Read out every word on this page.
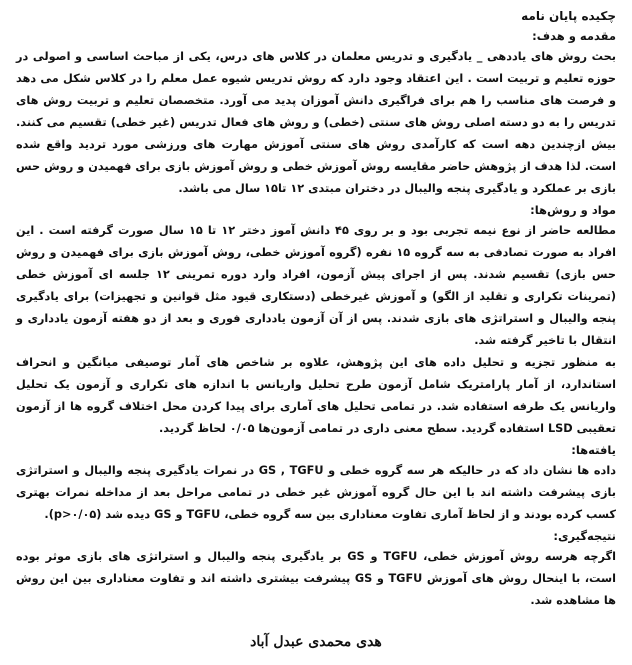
چکیده پایان نامه

مقدمه و هدف:

بحث روش های یاددهی _ یادگیری و تدریس معلمان در کلاس های درس، یکی از مباحث اساسی و اصولی در حوزه تعلیم و تربیت است . این اعتقاد وجود دارد که روش تدریس شیوه عمل معلم را در کلاس شکل می دهد و فرصت های مناسب را هم برای فراگیری دانش آموزان پدید می آورد. متخصصان تعلیم و تربیت روش های تدریس را به دو دسته اصلی روش های سنتی (خطی) و روش های فعال تدریس (غیر خطی) تقسیم می کنند. بیش ازچندین دهه است که کارآمدی روش های سنتی آموزش مهارت های ورزشی مورد تردید واقع شده است. لذا هدف از پژوهش حاضر مقایسه روش آموزش خطی و روش آموزش بازی برای فهمیدن و روش حس بازی بر عملکرد و یادگیری پنجه والیبال در دختران مبتدی ۱۲ تا۱۵ سال می باشد.

مواد و روش‌ها:

مطالعه حاضر از نوع نیمه تجربی بود و بر روی ۴۵ دانش آموز دختر ۱۲ تا ۱۵ سال صورت گرفته است . این افراد به صورت تصادفی به سه گروه ۱۵ نفره (گروه آموزش خطی، روش آموزش بازی برای فهمیدن و روش حس بازی) تقسیم شدند. پس از اجرای پیش آزمون، افراد وارد دوره تمرینی ۱۲ جلسه ای آموزش خطی (تمرینات تکراری و تقلید از الگو) و آموزش غیرخطی (دستکاری قیود مثل قوانین و تجهیزات) برای یادگیری پنجه والیبال و استراتژی های بازی شدند. پس از آن آزمون یادداری فوری و بعد از دو هفته آزمون یادداری و انتقال با تاخیر گرفته شد.

به منظور تجزیه و تحلیل داده های این پژوهش، علاوه بر شاخص های آمار توصیفی میانگین و انحراف استاندارد، از آمار پارامتریک شامل آزمون طرح تحلیل واریانس با اندازه های تکراری و آزمون یک تحلیل واریانس یک طرفه استفاده شد. در تمامی تحلیل های آماری برای پیدا کردن محل اختلاف گروه ها از آزمون تعقیبی LSD استفاده گردید. سطح معنی داری در تمامی آزمون‌ها ۰/۰۵ لحاظ گردید.

یافته‌ها:

داده ها نشان داد که در حالیکه هر سه گروه خطی و GS , TGFU در نمرات یادگیری پنجه والیبال و استراتژی بازی پیشرفت داشته اند با این حال گروه آموزش غیر خطی در تمامی مراحل بعد از مداخله نمرات بهتری کسب کرده بودند و از لحاظ آماری تفاوت معناداری بین سه گروه خطی، TGFU و GS دیده شد (p>۰/۰۵).

نتیجه‌گیری:

اگرچه هرسه روش آموزش خطی، TGFU و GS بر یادگیری پنجه والیبال و استراتژی های بازی موثر بوده است، با اینحال روش های آموزش TGFU و GS پیشرفت بیشتری داشته اند و تفاوت معناداری بین این روش ها مشاهده شد.

هدی محمدی عبدل آباد
